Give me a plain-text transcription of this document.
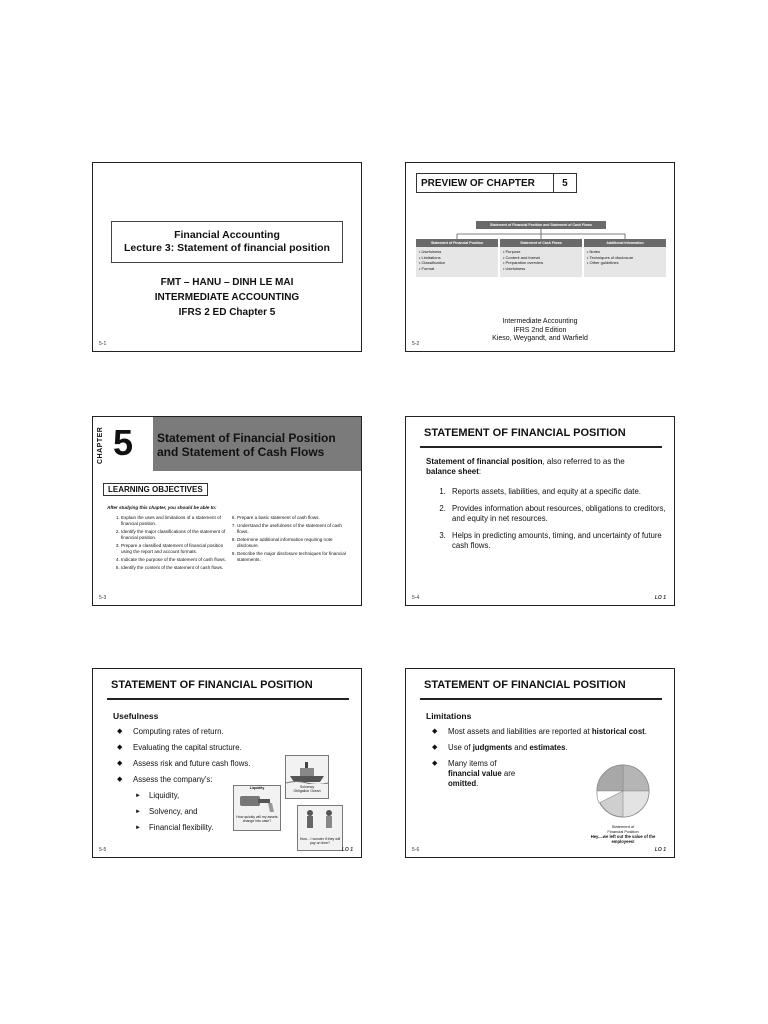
Financial Accounting
Lecture 3: Statement of financial position
FMT – HANU – DINH LE MAI
INTERMEDIATE ACCOUNTING
IFRS 2 ED Chapter 5
5-1
PREVIEW OF CHAPTER	5
Statement of Financial Position and Statement of Cash Flows
Statement of Financial Position
• Usefulness
• Limitations
• Classification
• Format
Statement of Cash Flows
• Purpose
• Content and format
• Preparation overview
• Usefulness
Additional Information
• Notes
• Techniques of disclosure
• Other guidelines
Intermediate Accounting
IFRS 2nd Edition
Kieso, Weygandt, and Warfield
5-2
CHAPTER 5 Statement of Financial Position
and Statement of Cash Flows
LEARNING OBJECTIVES
After studying this chapter, you should be able to:
1. Explain the uses and limitations of a statement of financial position.
2. Identify the major classifications of the statement of financial position.
3. Prepare a classified statement of financial position using the report and account formats.
4. Indicate the purpose of the statement of cash flows.
5. Identify the content of the statement of cash flows.
6. Prepare a basic statement of cash flows.
7. Understand the usefulness of the statement of cash flows.
8. Determine additional information requiring note disclosure.
9. Describe the major disclosure techniques for financial statements.
5-3
STATEMENT OF FINANCIAL POSITION
Statement of financial position, also referred to as the balance sheet:
1. Reports assets, liabilities, and equity at a specific date.
2. Provides information about resources, obligations to creditors, and equity in net resources.
3. Helps in predicting amounts, timing, and uncertainty of future cash flows.
5-4	LO 1
STATEMENT OF FINANCIAL POSITION
Usefulness
◆ Computing rates of return.
◆ Evaluating the capital structure.
◆ Assess risk and future cash flows.
◆ Assess the company's:
► Liquidity,
► Solvency, and
► Financial flexibility.
Solvency
Obligation Ocean
Liquidity
How quickly will my assets change into cash?
How... I wonder if they will pay on time?
5-5	LO 1
STATEMENT OF FINANCIAL POSITION
Limitations
◆ Most assets and liabilities are reported at historical cost.
◆ Use of judgments and estimates.
◆ Many items of financial value are omitted.
Statement of
Financial Position
Hey....we left out the value of the employees!
5-6	LO 1
